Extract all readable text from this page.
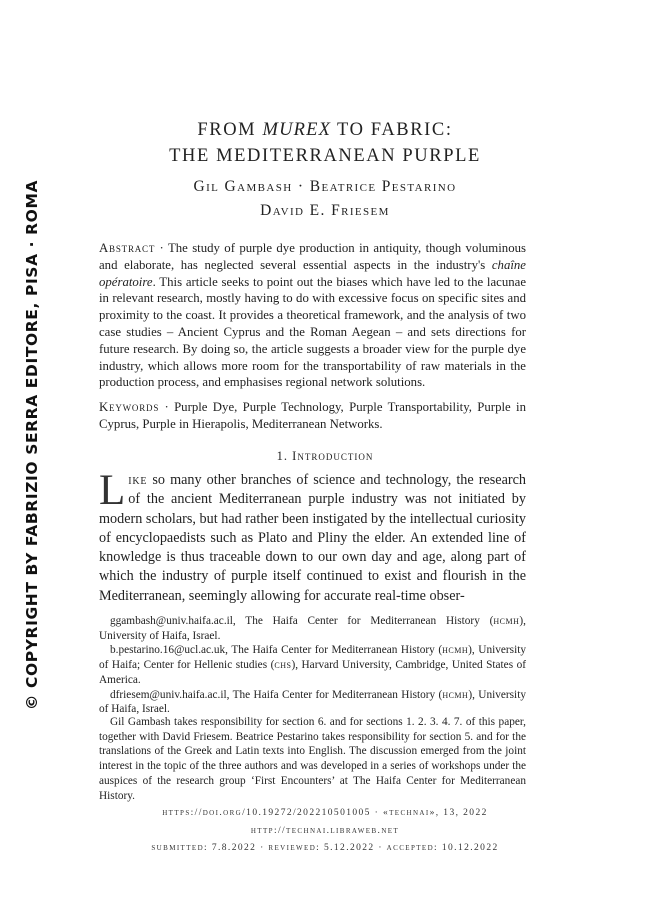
© COPYRIGHT BY FABRIZIO SERRA EDITORE, PISA · ROMA
FROM MUREX TO FABRIC:
THE MEDITERRANEAN PURPLE
Gil Gambash · Beatrice Pestarino
David E. Friesem
Abstract · The study of purple dye production in antiquity, though voluminous and elaborate, has neglected several essential aspects in the industry's chaîne opératoire. This article seeks to point out the biases which have led to the lacunae in relevant research, mostly having to do with excessive focus on specific sites and proximity to the coast. It provides a theoretical framework, and the analysis of two case studies – Ancient Cyprus and the Roman Aegean – and sets directions for future research. By doing so, the article suggests a broader view for the purple dye industry, which allows more room for the transportability of raw materials in the production process, and emphasises regional network solutions.
Keywords · Purple Dye, Purple Technology, Purple Transportability, Purple in Cyprus, Purple in Hierapolis, Mediterranean Networks.
1. Introduction
Like so many other branches of science and technology, the research of the ancient Mediterranean purple industry was not initiated by modern scholars, but had rather been instigated by the intellectual curiosity of encyclopaedists such as Plato and Pliny the elder. An extended line of knowledge is thus traceable down to our own day and age, along part of which the industry of purple itself continued to exist and flourish in the Mediterranean, seemingly allowing for accurate real-time obser-

ggambash@univ.haifa.ac.il, The Haifa Center for Mediterranean History (hcmh), University of Haifa, Israel.

b.pestarino.16@ucl.ac.uk, The Haifa Center for Mediterranean History (hcmh), University of Haifa; Center for Hellenic studies (chs), Harvard University, Cambridge, United States of America.

dfriesem@univ.haifa.ac.il, The Haifa Center for Mediterranean History (hcmh), University of Haifa, Israel.

Gil Gambash takes responsibility for section 6. and for sections 1. 2. 3. 4. 7. of this paper, together with David Friesem. Beatrice Pestarino takes responsibility for section 5. and for the translations of the Greek and Latin texts into English. The discussion emerged from the joint interest in the topic of the three authors and was developed in a series of workshops under the auspices of the research group ‘First Encounters’ at The Haifa Center for Mediterranean History.

https://doi.org/10.19272/202210501005 · «technai», 13, 2022
http://technai.libraweb.net
submitted: 7.8.2022 · reviewed: 5.12.2022 · accepted: 10.12.2022
